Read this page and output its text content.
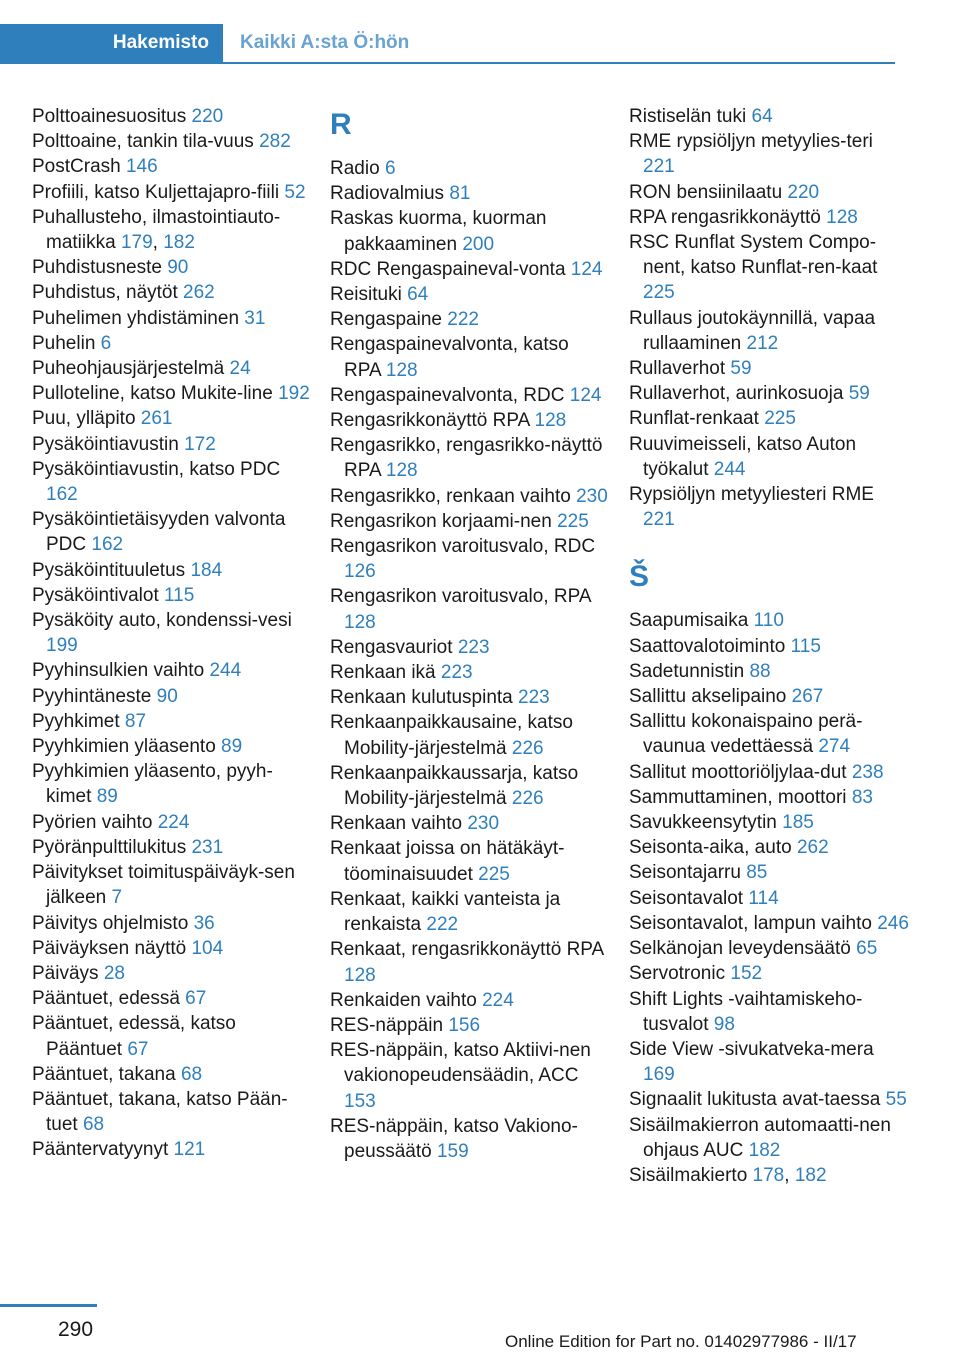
Hakemisto	Kaikki A:sta Ö:hön
Polttoainesuositus 220
Polttoaine, tankin tila-vuus 282
PostCrash 146
Profiili, katso Kuljettajapro-fiili 52
Puhallusteho, ilmastointiauto-matiikka 179, 182
Puhdistusneste 90
Puhdistus, näytöt 262
Puhelimen yhdistäminen 31
Puhelin 6
Puheohjausjärjestelmä 24
Pulloteline, katso Mukite-line 192
Puu, ylläpito 261
Pysäköintiavustin 172
Pysäköintiavustin, katso PDC 162
Pysäköintietäisyyden valvonta PDC 162
Pysäköintituuletus 184
Pysäköintivalot 115
Pysäköity auto, kondenssi-vesi 199
Pyyhinsulkien vaihto 244
Pyyhintäneste 90
Pyyhkimet 87
Pyyhkimien yläasento 89
Pyyhkimien yläasento, pyyh-kimet 89
Pyörien vaihto 224
Pyöränpulttilukitus 231
Päivitykset toimituspäiväyk-sen jälkeen 7
Päivitys ohjelmisto 36
Päiväyksen näyttö 104
Päiväys 28
Pääntuet, edessä 67
Pääntuet, edessä, katso Pääntuet 67
Pääntuet, takana 68
Pääntuet, takana, katso Pään-tuet 68
Pääntervatyynyt 121
R
Radio 6
Radiovalmius 81
Raskas kuorma, kuorman pakkaaminen 200
RDC Rengaspaineval-vonta 124
Reisituki 64
Rengaspaine 222
Rengaspainevalvonta, katso RPA 128
Rengaspainevalvonta, RDC 124
Rengasrikkonäyttö RPA 128
Rengasrikko, rengasrikko-näyttö RPA 128
Rengasrikko, renkaan vaihto 230
Rengasrikon korjaami-nen 225
Rengasrikon varoitusvalo, RDC 126
Rengasrikon varoitusvalo, RPA 128
Rengasvauriot 223
Renkaan ikä 223
Renkaan kulutuspinta 223
Renkaanpaikkausaine, katso Mobility-järjestelmä 226
Renkaanpaikkaussarja, katso Mobility-järjestelmä 226
Renkaan vaihto 230
Renkaat joissa on hätäkäyt-töominaisuudet 225
Renkaat, kaikki vanteista ja renkaista 222
Renkaat, rengasrikkonäyttö RPA 128
Renkaiden vaihto 224
RES-näppäin 156
RES-näppäin, katso Aktiivi-nen vakionopeudensäädin, ACC 153
RES-näppäin, katso Vakiono-peussäätö 159
Ristiselän tuki 64
RME rypsiöljyn metyylies-teri 221
RON bensiinilaatu 220
RPA rengasrikkonäyttö 128
RSC Runflat System Compo-nent, katso Runflat-ren-kaat 225
Rullaus joutokäynnillä, vapaa rullaaminen 212
Rullaverhot 59
Rullaverhot, aurinkosuoja 59
Runflat-renkaat 225
Ruuvimeisseli, katso Auton työkalut 244
Rypsiöljyn metyyliesteri RME 221
Š
Saapumisaika 110
Saattovalotoiminto 115
Sadetunnistin 88
Sallittu akselipaino 267
Sallittu kokonaispaino perä-vaunua vedettäessä 274
Sallitut moottoriöljylaa-dut 238
Sammuttaminen, moottori 83
Savukkeensytytin 185
Seisonta-aika, auto 262
Seisontajarru 85
Seisontavalot 114
Seisontavalot, lampun vaihto 246
Selkänojan leveydensäätö 65
Servotronic 152
Shift Lights -vaihtamiskeho-tusvalot 98
Side View -sivukatveka-mera 169
Signaalit lukitusta avat-taessa 55
Sisäilmakierron automaatti-nen ohjaus AUC 182
Sisäilmakierto 178, 182
290
Online Edition for Part no. 01402977986 - II/17
